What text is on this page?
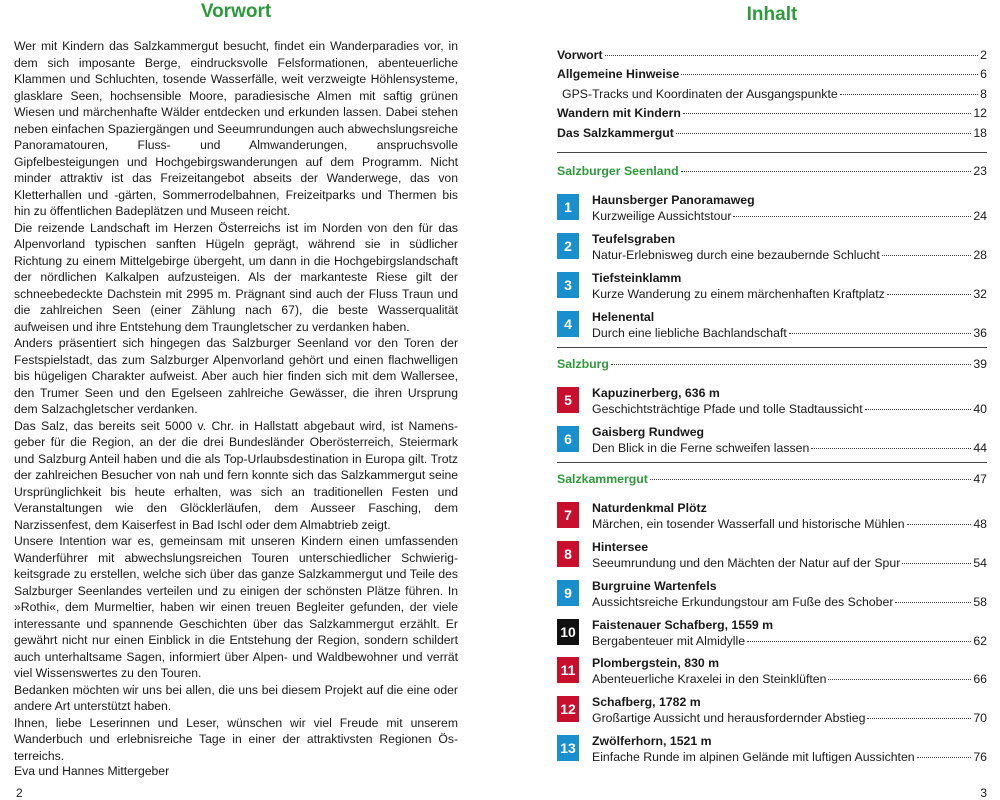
Vorwort

Wer mit Kindern das Salzkammergut besucht, findet ein Wanderparadies vor, in dem sich imposante Berge, eindrucksvolle Felsformationen, abenteuerliche Klammen und Schluchten, tosende Wasserfälle, weit verzweigte Höhlensysteme, glasklare Seen, hochsensible Moore, paradiesische Almen mit saftig grünen Wiesen und märchenhafte Wälder entdecken und erkunden lassen. Dabei stehen neben einfachen Spaziergängen und Seeumrundungen auch abwechslungsreiche Panoramatouren, Fluss- und Almwanderungen, anspruchsvolle Gipfelbesteigungen und Hochgebirgswanderungen auf dem Programm. Nicht minder attraktiv ist das Freizeitangebot abseits der Wanderwege, das von Kletterhallen und -gärten, Sommerrodelbahnen, Freizeitparks und Thermen bis hin zu öffentlichen Badeplätzen und Museen reicht.

Die reizende Landschaft im Herzen Österreichs ist im Norden von den für das Alpenvorland typischen sanften Hügeln geprägt, während sie in südlicher Richtung zu einem Mittelgebirge übergeht, um dann in die Hochgebirgslandschaft der nördlichen Kalkalpen aufzusteigen. Als der markanteste Riese gilt der schneebedeckte Dachstein mit 2995 m. Prägnant sind auch der Fluss Traun und die zahlreichen Seen (einer Zählung nach 67), die beste Wasserqualität aufweisen und ihre Entstehung dem Traungletscher zu verdanken haben.

Anders präsentiert sich hingegen das Salzburger Seenland vor den Toren der Festspielstadt, das zum Salzburger Alpenvorland gehört und einen flachwelligen bis hügeligen Charakter aufweist. Aber auch hier finden sich mit dem Wallersee, den Trumer Seen und den Egelseen zahlreiche Gewässer, die ihren Ursprung dem Salzachgletscher verdanken.

Das Salz, das bereits seit 5000 v. Chr. in Hallstatt abgebaut wird, ist Namensgeber für die Region, an der die drei Bundesländer Oberösterreich, Steiermark und Salzburg Anteil haben und die als Top-Urlaubsdestination in Europa gilt. Trotz der zahlreichen Besucher von nah und fern konnte sich das Salzkammergut seine Ursprünglichkeit bis heute erhalten, was sich an traditionellen Festen und Veranstaltungen wie den Glöcklerläufen, dem Ausseer Fasching, dem Narzissenfest, dem Kaiserfest in Bad Ischl oder dem Almabtrieb zeigt.

Unsere Intention war es, gemeinsam mit unseren Kindern einen umfassenden Wanderführer mit abwechslungsreichen Touren unterschiedlicher Schwierigkeitsgrade zu erstellen, welche sich über das ganze Salzkammergut und Teile des Salzburger Seenlandes verteilen und zu einigen der schönsten Plätze führen. In »Rothi«, dem Murmeltier, haben wir einen treuen Begleiter gefunden, der viele interessante und spannende Geschichten über das Salzkammergut erzählt. Er gewährt nicht nur einen Einblick in die Entstehung der Region, sondern schildert auch unterhaltsame Sagen, informiert über Alpen- und Waldbewohner und verrät viel Wissenswertes zu den Touren.

Bedanken möchten wir uns bei allen, die uns bei diesem Projekt auf die eine oder andere Art unterstützt haben.

Ihnen, liebe Leserinnen und Leser, wünschen wir viel Freude mit unserem Wanderbuch und erlebnisreiche Tage in einer der attraktivsten Regionen Österreichs.

Eva und Hannes Mittergeber
2
Inhalt
Vorwort	2
Allgemeine Hinweise	6
GPS-Tracks und Koordinaten der Ausgangspunkte	8
Wandern mit Kindern	12
Das Salzkammergut	18
Salzburger Seenland	23
1	Haunsberger Panoramaweg
Kurzweilige Aussichtstour	24
2	Teufelsgraben
Natur-Erlebnisweg durch eine bezaubernde Schlucht	28
3	Tiefsteinklamm
Kurze Wanderung zu einem märchenhaften Kraftplatz	32
4	Helenental
Durch eine liebliche Bachlandschaft	36
Salzburg	39
5	Kapuzinerberg, 636 m
Geschichtsträchtige Pfade und tolle Stadtaussicht	40
6	Gaisberg Rundweg
Den Blick in die Ferne schweifen lassen	44
Salzkammergut	47
7	Naturdenkmal Plötz
Märchen, ein tosender Wasserfall und historische Mühlen	48
8	Hintersee
Seeumrundung und den Mächten der Natur auf der Spur	54
9	Burgruine Wartenfels
Aussichtsreiche Erkundungstour am Fuße des Schober	58
10 Faistenauer Schafberg, 1559 m
Bergabenteuer mit Almidylle	62
11 Plombergstein, 830 m
Abenteuerliche Kraxelei in den Steinklüften	66
12 Schafberg, 1782 m
Großartige Aussicht und herausfordernder Abstieg	70
13 Zwölferhorn, 1521 m
Einfache Runde im alpinen Gelände mit luftigen Aussichten	76
3
